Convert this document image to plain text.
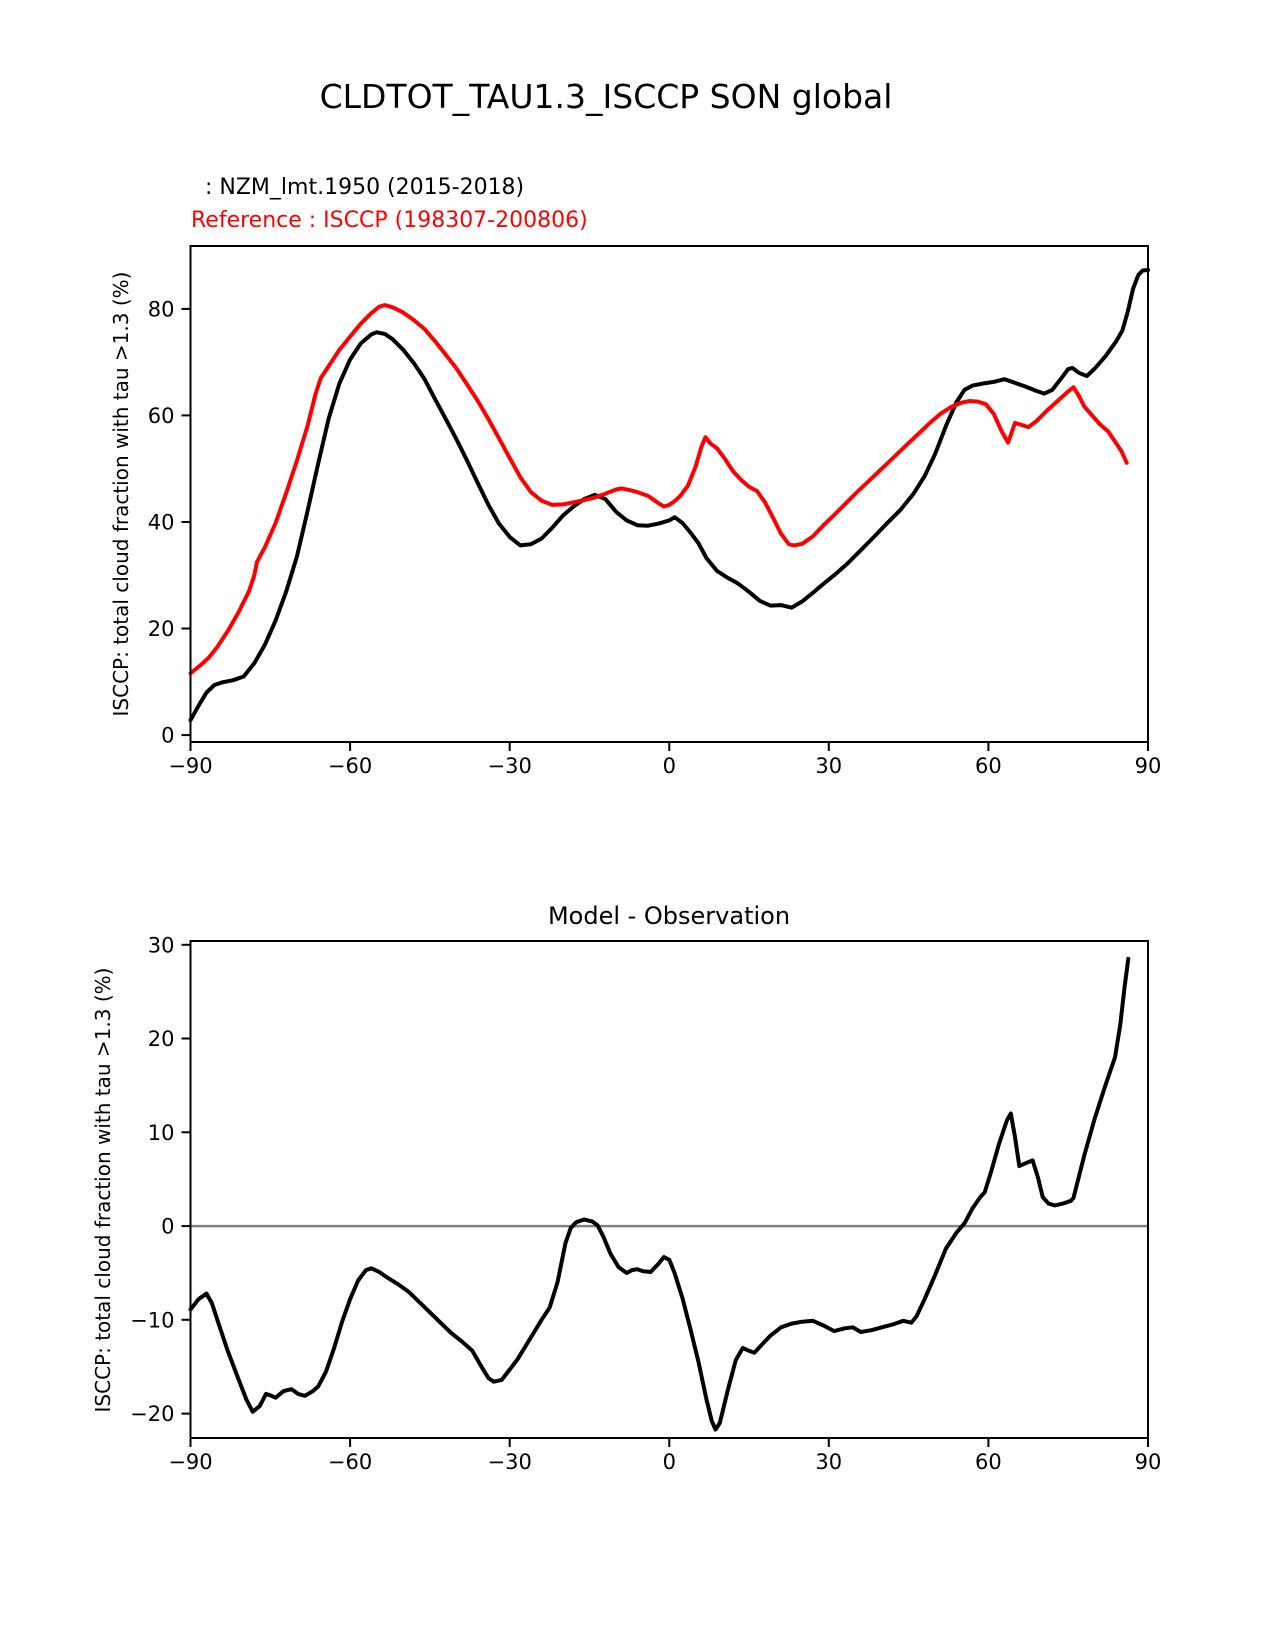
CLDTOT_TAU1.3_ISCCP SON global
: NZM_lmt.1950 (2015-2018)
Reference : ISCCP (198307-200806)
ISCCP: total cloud fraction with tau >1.3 (%)
Model - Observation
ISCCP: total cloud fraction with tau >1.3 (%)
−90	−60	−30	0	30	60	90
0
20
40
60
80
−90	−60	−30	0	30	60	90
−20
−10
0
10
20
30
